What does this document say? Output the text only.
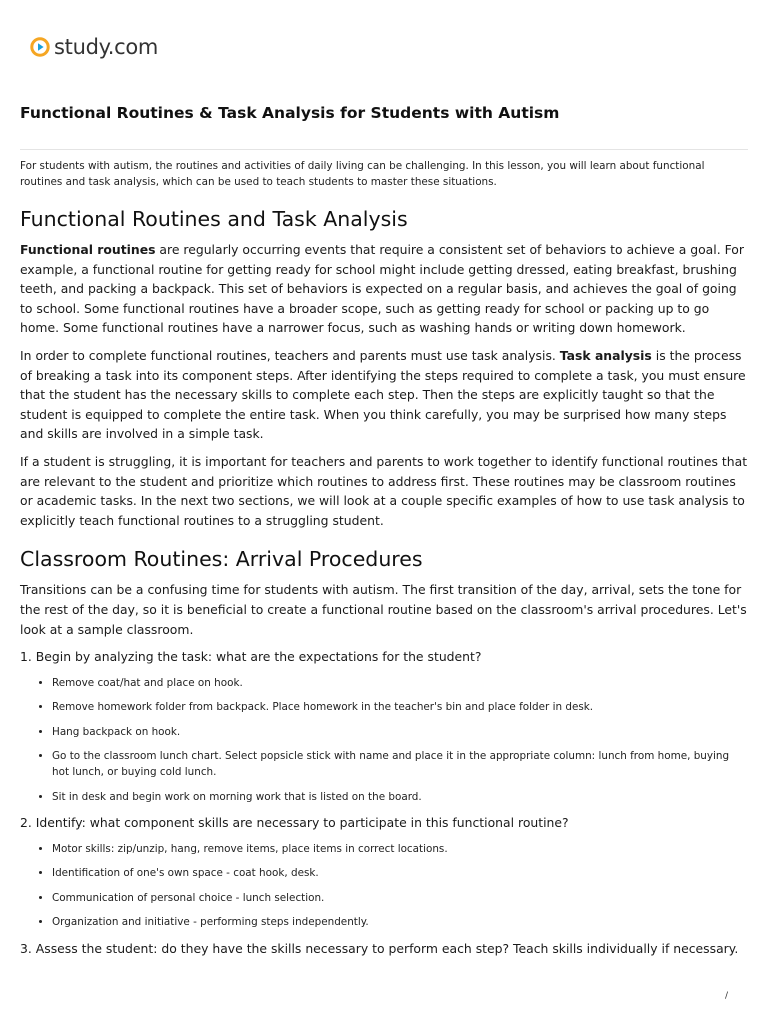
study.com
Functional Routines & Task Analysis for Students with Autism

For students with autism, the routines and activities of daily living can be challenging. In this lesson, you will learn about functional routines and task analysis, which can be used to teach students to master these situations.

Functional Routines and Task Analysis

Functional routines are regularly occurring events that require a consistent set of behaviors to achieve a goal. For example, a functional routine for getting ready for school might include getting dressed, eating breakfast, brushing teeth, and packing a backpack. This set of behaviors is expected on a regular basis, and achieves the goal of going to school. Some functional routines have a broader scope, such as getting ready for school or packing up to go home. Some functional routines have a narrower focus, such as washing hands or writing down homework.

In order to complete functional routines, teachers and parents must use task analysis. Task analysis is the process of breaking a task into its component steps. After identifying the steps required to complete a task, you must ensure that the student has the necessary skills to complete each step. Then the steps are explicitly taught so that the student is equipped to complete the entire task. When you think carefully, you may be surprised how many steps and skills are involved in a simple task.

If a student is struggling, it is important for teachers and parents to work together to identify functional routines that are relevant to the student and prioritize which routines to address first. These routines may be classroom routines or academic tasks. In the next two sections, we will look at a couple specific examples of how to use task analysis to explicitly teach functional routines to a struggling student.

Classroom Routines: Arrival Procedures

Transitions can be a confusing time for students with autism. The first transition of the day, arrival, sets the tone for the rest of the day, so it is beneficial to create a functional routine based on the classroom's arrival procedures. Let's look at a sample classroom.

1. Begin by analyzing the task: what are the expectations for the student?

• Remove coat/hat and place on hook.
• Remove homework folder from backpack. Place homework in the teacher's bin and place folder in desk.
• Hang backpack on hook.
• Go to the classroom lunch chart. Select popsicle stick with name and place it in the appropriate column: lunch from home, buying hot lunch, or buying cold lunch.
• Sit in desk and begin work on morning work that is listed on the board.

2. Identify: what component skills are necessary to participate in this functional routine?

• Motor skills: zip/unzip, hang, remove items, place items in correct locations.
• Identification of one's own space - coat hook, desk.
• Communication of personal choice - lunch selection.
• Organization and initiative - performing steps independently.

3. Assess the student: do they have the skills necessary to perform each step? Teach skills individually if necessary.

/
